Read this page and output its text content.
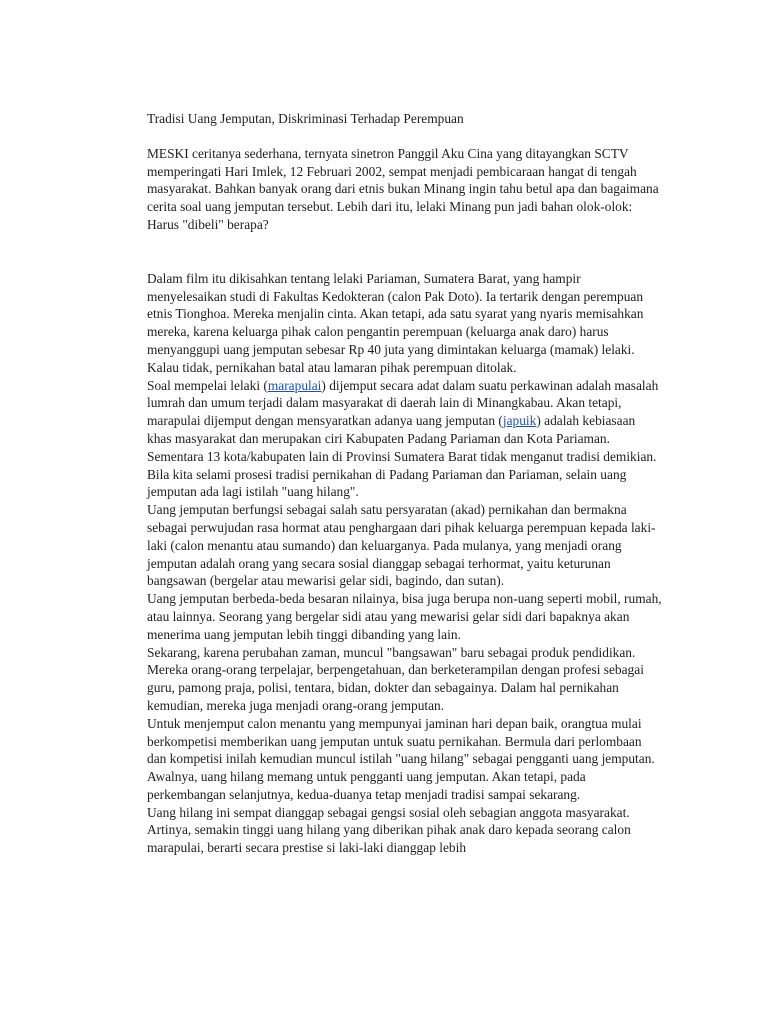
Tradisi Uang Jemputan, Diskriminasi Terhadap Perempuan

MESKI ceritanya sederhana, ternyata sinetron Panggil Aku Cina yang ditayangkan SCTV memperingati Hari Imlek, 12 Februari 2002, sempat menjadi pembicaraan hangat di tengah masyarakat. Bahkan banyak orang dari etnis bukan Minang ingin tahu betul apa dan bagaimana cerita soal uang jemputan tersebut. Lebih dari itu, lelaki Minang pun jadi bahan olok-olok: Harus "dibeli" berapa?

Dalam film itu dikisahkan tentang lelaki Pariaman, Sumatera Barat, yang hampir menyelesaikan studi di Fakultas Kedokteran (calon Pak Doto). Ia tertarik dengan perempuan etnis Tionghoa. Mereka menjalin cinta. Akan tetapi, ada satu syarat yang nyaris memisahkan mereka, karena keluarga pihak calon pengantin perempuan (keluarga anak daro) harus menyanggupi uang jemputan sebesar Rp 40 juta yang dimintakan keluarga (mamak) lelaki. Kalau tidak, pernikahan batal atau lamaran pihak perempuan ditolak.

Soal mempelai lelaki (marapulai) dijemput secara adat dalam suatu perkawinan adalah masalah lumrah dan umum terjadi dalam masyarakat di daerah lain di Minangkabau. Akan tetapi, marapulai dijemput dengan mensyaratkan adanya uang jemputan (japuik) adalah kebiasaan khas masyarakat dan merupakan ciri Kabupaten Padang Pariaman dan Kota Pariaman. Sementara 13 kota/kabupaten lain di Provinsi Sumatera Barat tidak menganut tradisi demikian.

Bila kita selami prosesi tradisi pernikahan di Padang Pariaman dan Pariaman, selain uang jemputan ada lagi istilah "uang hilang".

Uang jemputan berfungsi sebagai salah satu persyaratan (akad) pernikahan dan bermakna sebagai perwujudan rasa hormat atau penghargaan dari pihak keluarga perempuan kepada laki-laki (calon menantu atau sumando) dan keluarganya. Pada mulanya, yang menjadi orang jemputan adalah orang yang secara sosial dianggap sebagai terhormat, yaitu keturunan bangsawan (bergelar atau mewarisi gelar sidi, bagindo, dan sutan).

Uang jemputan berbeda-beda besaran nilainya, bisa juga berupa non-uang seperti mobil, rumah, atau lainnya. Seorang yang bergelar sidi atau yang mewarisi gelar sidi dari bapaknya akan menerima uang jemputan lebih tinggi dibanding yang lain.

Sekarang, karena perubahan zaman, muncul "bangsawan" baru sebagai produk pendidikan. Mereka orang-orang terpelajar, berpengetahuan, dan berketerampilan dengan profesi sebagai guru, pamong praja, polisi, tentara, bidan, dokter dan sebagainya. Dalam hal pernikahan kemudian, mereka juga menjadi orang-orang jemputan.

Untuk menjemput calon menantu yang mempunyai jaminan hari depan baik, orangtua mulai berkompetisi memberikan uang jemputan untuk suatu pernikahan. Bermula dari perlombaan dan kompetisi inilah kemudian muncul istilah "uang hilang" sebagai pengganti uang jemputan. Awalnya, uang hilang memang untuk pengganti uang jemputan. Akan tetapi, pada perkembangan selanjutnya, kedua-duanya tetap menjadi tradisi sampai sekarang.

Uang hilang ini sempat dianggap sebagai gengsi sosial oleh sebagian anggota masyarakat. Artinya, semakin tinggi uang hilang yang diberikan pihak anak daro kepada seorang calon marapulai, berarti secara prestise si laki-laki dianggap lebih
